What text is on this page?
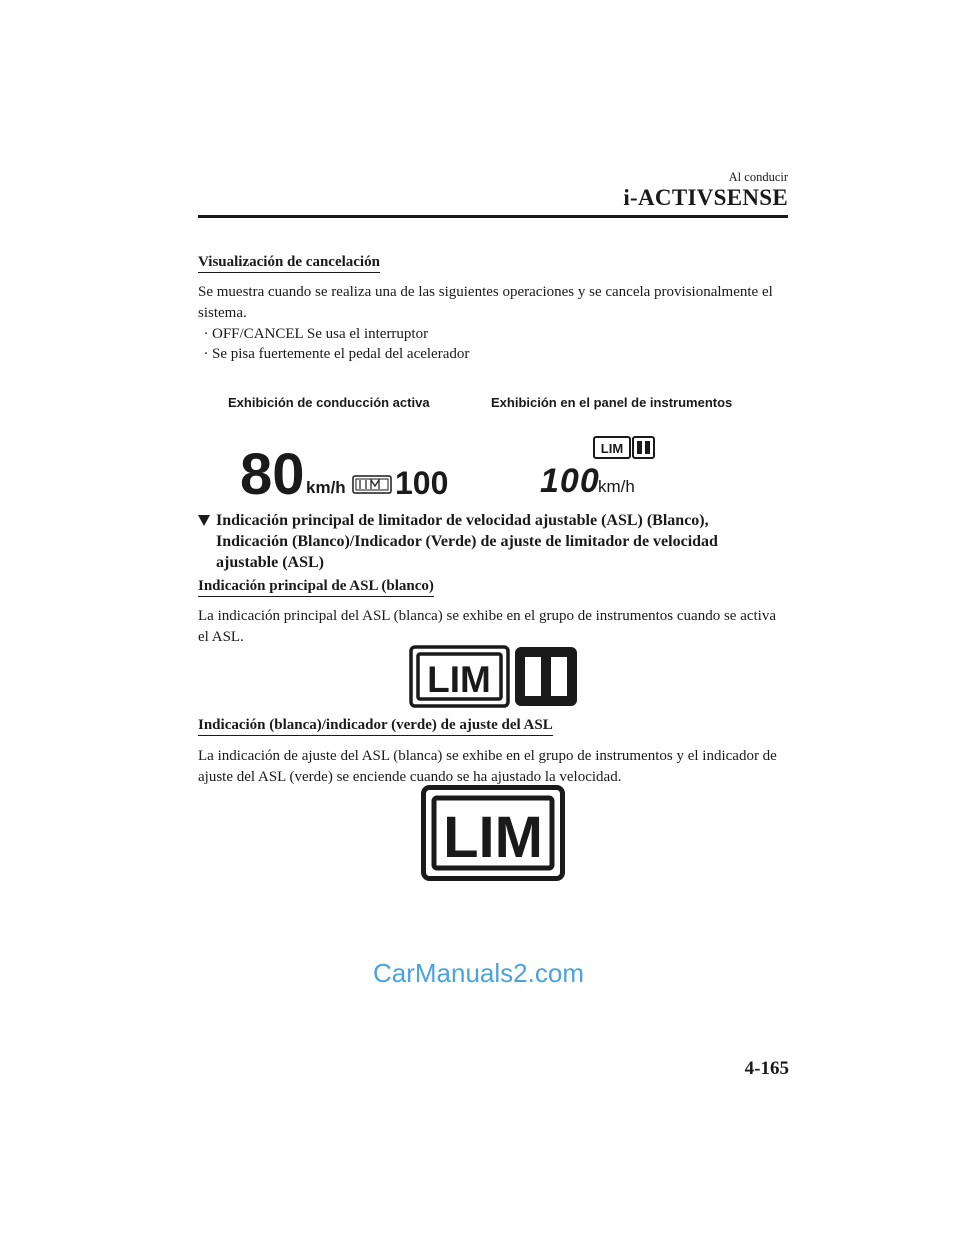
Al conducir
i-ACTIVSENSE
Visualización de cancelación
Se muestra cuando se realiza una de las siguientes operaciones y se cancela provisionalmente el sistema.
· OFF/CANCEL Se usa el interruptor
· Se pisa fuertemente el pedal del acelerador
Exhibición de conducción activa	Exhibición en el panel de instrumentos
80 km/h 100
LIM
100
km/h
Indicación principal de limitador de velocidad ajustable (ASL) (Blanco),
Indicación (Blanco)/Indicador (Verde) de ajuste de limitador de velocidad
ajustable (ASL)
Indicación principal de ASL (blanco)
La indicación principal del ASL (blanca) se exhibe en el grupo de instrumentos cuando se activa el ASL.
LIM
Indicación (blanca)/indicador (verde) de ajuste del ASL
La indicación de ajuste del ASL (blanca) se exhibe en el grupo de instrumentos y el indicador de ajuste del ASL (verde) se enciende cuando se ha ajustado la velocidad.
LIM
CarManuals2.com
4-165
